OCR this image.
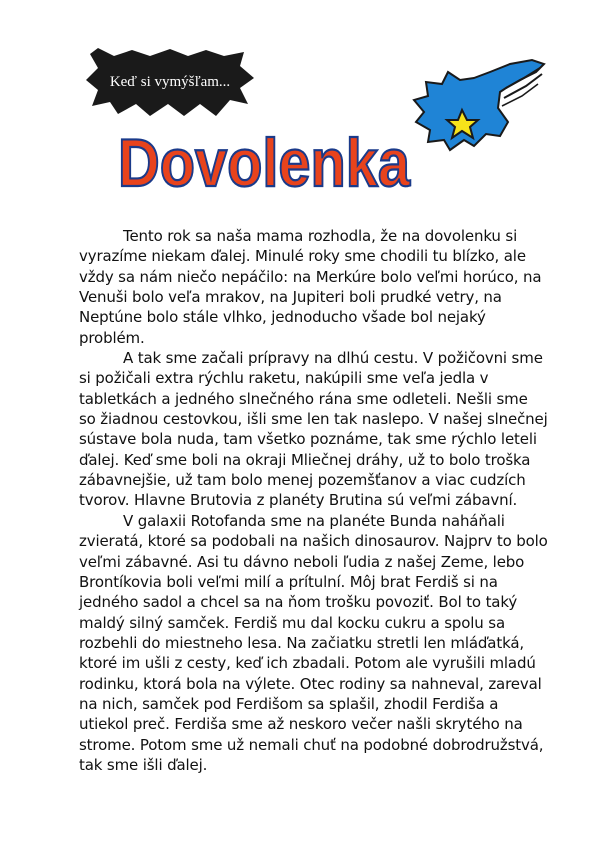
Keď si vymýšľam...
Dovolenka

Tento rok sa naša mama rozhodla, že na dovolenku si vyrazíme niekam ďalej. Minulé roky sme chodili tu blízko, ale vždy sa nám niečo nepáčilo: na Merkúre bolo veľmi horúco, na Venuši bolo veľa mrakov, na Jupiteri boli prudké vetry, na Neptúne bolo stále vlhko, jednoducho všade bol nejaký problém.

A tak sme začali prípravy na dlhú cestu. V požičovni sme si požičali extra rýchlu raketu, nakúpili sme veľa jedla v tabletkách a jedného slnečného rána sme odleteli. Nešli sme so žiadnou cestovkou, išli sme len tak naslepo. V našej slnečnej sústave bola nuda, tam všetko poznáme, tak sme rýchlo leteli ďalej. Keď sme boli na okraji Mliečnej dráhy, už to bolo troška zábavnejšie, už tam bolo menej pozemšťanov a viac cudzích tvorov. Hlavne Brutovia z planéty Brutina sú veľmi zábavní.

V galaxii Rotofanda sme na planéte Bunda naháňali zvieratá, ktoré sa podobali na našich dinosaurov. Najprv to bolo veľmi zábavné. Asi tu dávno neboli ľudia z našej Zeme, lebo Brontíkovia boli veľmi milí a prítulní. Môj brat Ferdiš si na jedného sadol a chcel sa na ňom trošku povoziť. Bol to taký maldý silný samček. Ferdiš mu dal kocku cukru a spolu sa rozbehli do miestneho lesa. Na začiatku stretli len mláďatká, ktoré im ušli z cesty, keď ich zbadali. Potom ale vyrušili mladú rodinku, ktorá bola na výlete. Otec rodiny sa nahneval, zareval na nich, samček pod Ferdišom sa splašil, zhodil Ferdiša a utiekol preč. Ferdiša sme až neskoro večer našli skrytého na strome. Potom sme už nemali chuť na podobné dobrodružstvá, tak sme išli ďalej.
